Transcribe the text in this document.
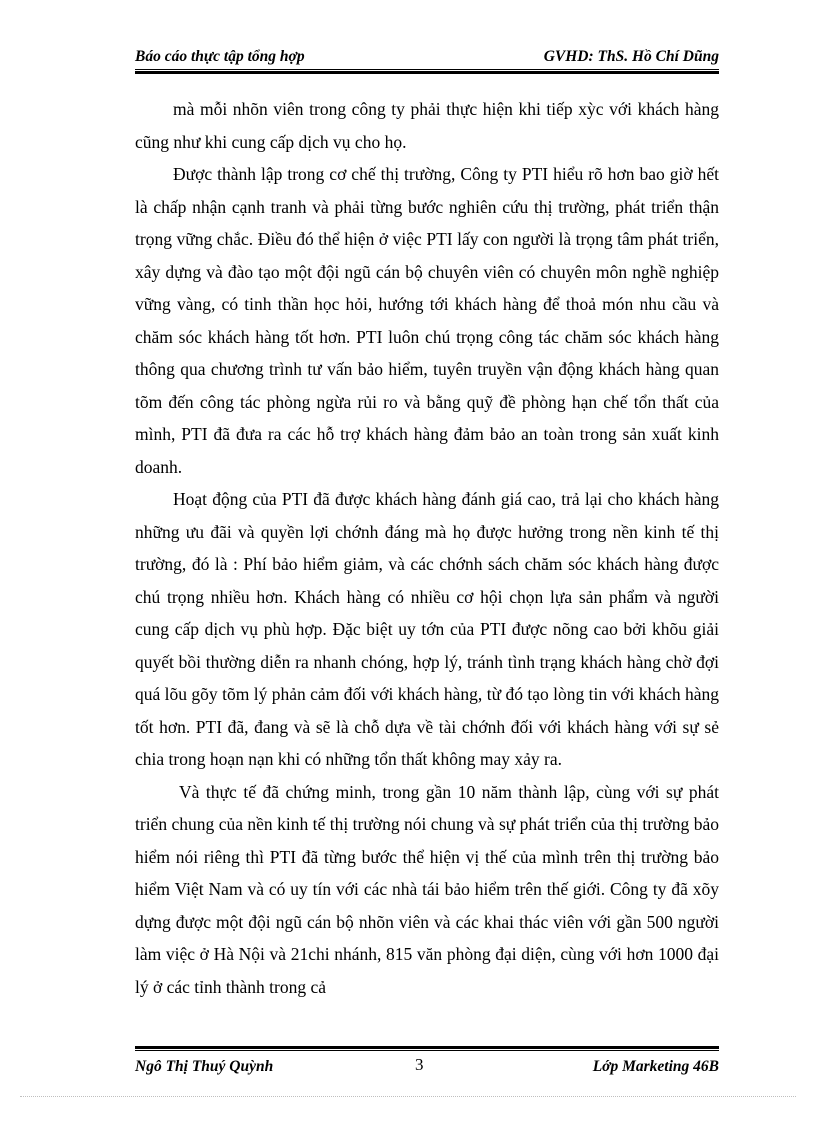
Báo cáo thực tập tổng hợp	GVHD: ThS. Hồ Chí Dũng

mà mỗi nhõn viên trong công ty phải thực hiện khi tiếp xỳc với khách hàng cũng như khi cung cấp dịch vụ cho họ.

Được thành lập trong cơ chế thị trường, Công ty PTI hiểu rõ hơn bao giờ hết là chấp nhận cạnh tranh và phải từng bước nghiên cứu thị trường, phát triển thận trọng vững chắc. Điều đó thể hiện ở việc PTI lấy con người là trọng tâm phát triển, xây dựng và đào tạo một đội ngũ cán bộ chuyên viên có chuyên môn nghề nghiệp vững vàng, có tinh thần học hỏi, hướng tới khách hàng để thoả món nhu cầu và chăm sóc khách hàng tốt hơn. PTI luôn chú trọng công tác chăm sóc khách hàng thông qua chương trình tư vấn bảo hiểm, tuyên truyền vận động khách hàng quan tõm đến công tác phòng ngừa rủi ro và bằng quỹ đề phòng hạn chế tổn thất của mình, PTI đã đưa ra các hỗ trợ khách hàng đảm bảo an toàn trong sản xuất kinh doanh.

Hoạt động của PTI đã được khách hàng đánh giá cao, trả lại cho khách hàng những ưu đãi và quyền lợi chớnh đáng mà họ được hưởng trong nền kinh tế thị trường, đó là : Phí bảo hiểm giảm, và các chớnh sách chăm sóc khách hàng được chú trọng nhiều hơn. Khách hàng có nhiều cơ hội chọn lựa sản phẩm và người cung cấp dịch vụ phù hợp. Đặc biệt uy tớn của PTI được nõng cao bởi khõu giải quyết bồi thường diễn ra nhanh chóng, hợp lý, tránh tình trạng khách hàng chờ đợi quá lõu gõy tõm lý phản cảm đối với khách hàng, từ đó tạo lòng tin với khách hàng tốt hơn. PTI đã, đang và sẽ là chỗ dựa về tài chớnh đối với khách hàng với sự sẻ chia trong hoạn nạn khi có những tổn thất không may xảy ra.

Và thực tế đã chứng minh, trong gần 10 năm thành lập, cùng với sự phát triển chung của nền kinh tế thị trường nói chung và sự phát triển của thị trường bảo hiểm nói riêng thì PTI đã từng bước thể hiện vị thế của mình trên thị trường bảo hiểm Việt Nam và có uy tín với các nhà tái bảo hiểm trên thế giới. Công ty đã xõy dựng được một đội ngũ cán bộ nhõn viên và các khai thác viên với gần 500 người làm việc ở Hà Nội và 21chi nhánh, 815 văn phòng đại diện, cùng với hơn 1000 đại lý ở các tỉnh thành trong cả

Ngô Thị Thuý Quỳnh	3	Lớp Marketing 46B
